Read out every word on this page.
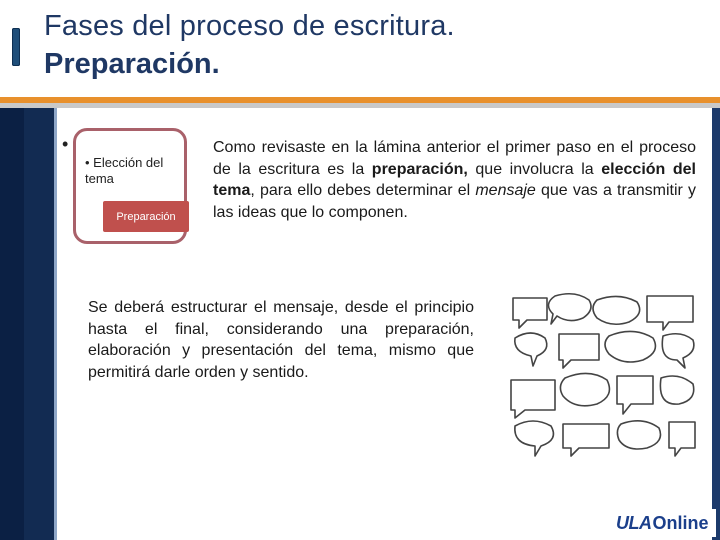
Fases del proceso de escritura.
Preparación.
•
• Elección del tema
Preparación
Como revisaste en la lámina anterior el primer paso en el proceso de la escritura es la preparación, que involucra la elección del tema, para ello debes determinar el mensaje que vas a transmitir y las ideas que lo componen.
Se deberá estructurar el mensaje, desde el principio hasta el final, considerando una preparación, elaboración y presentación del tema, mismo que permitirá darle orden y sentido.
ULA Online
